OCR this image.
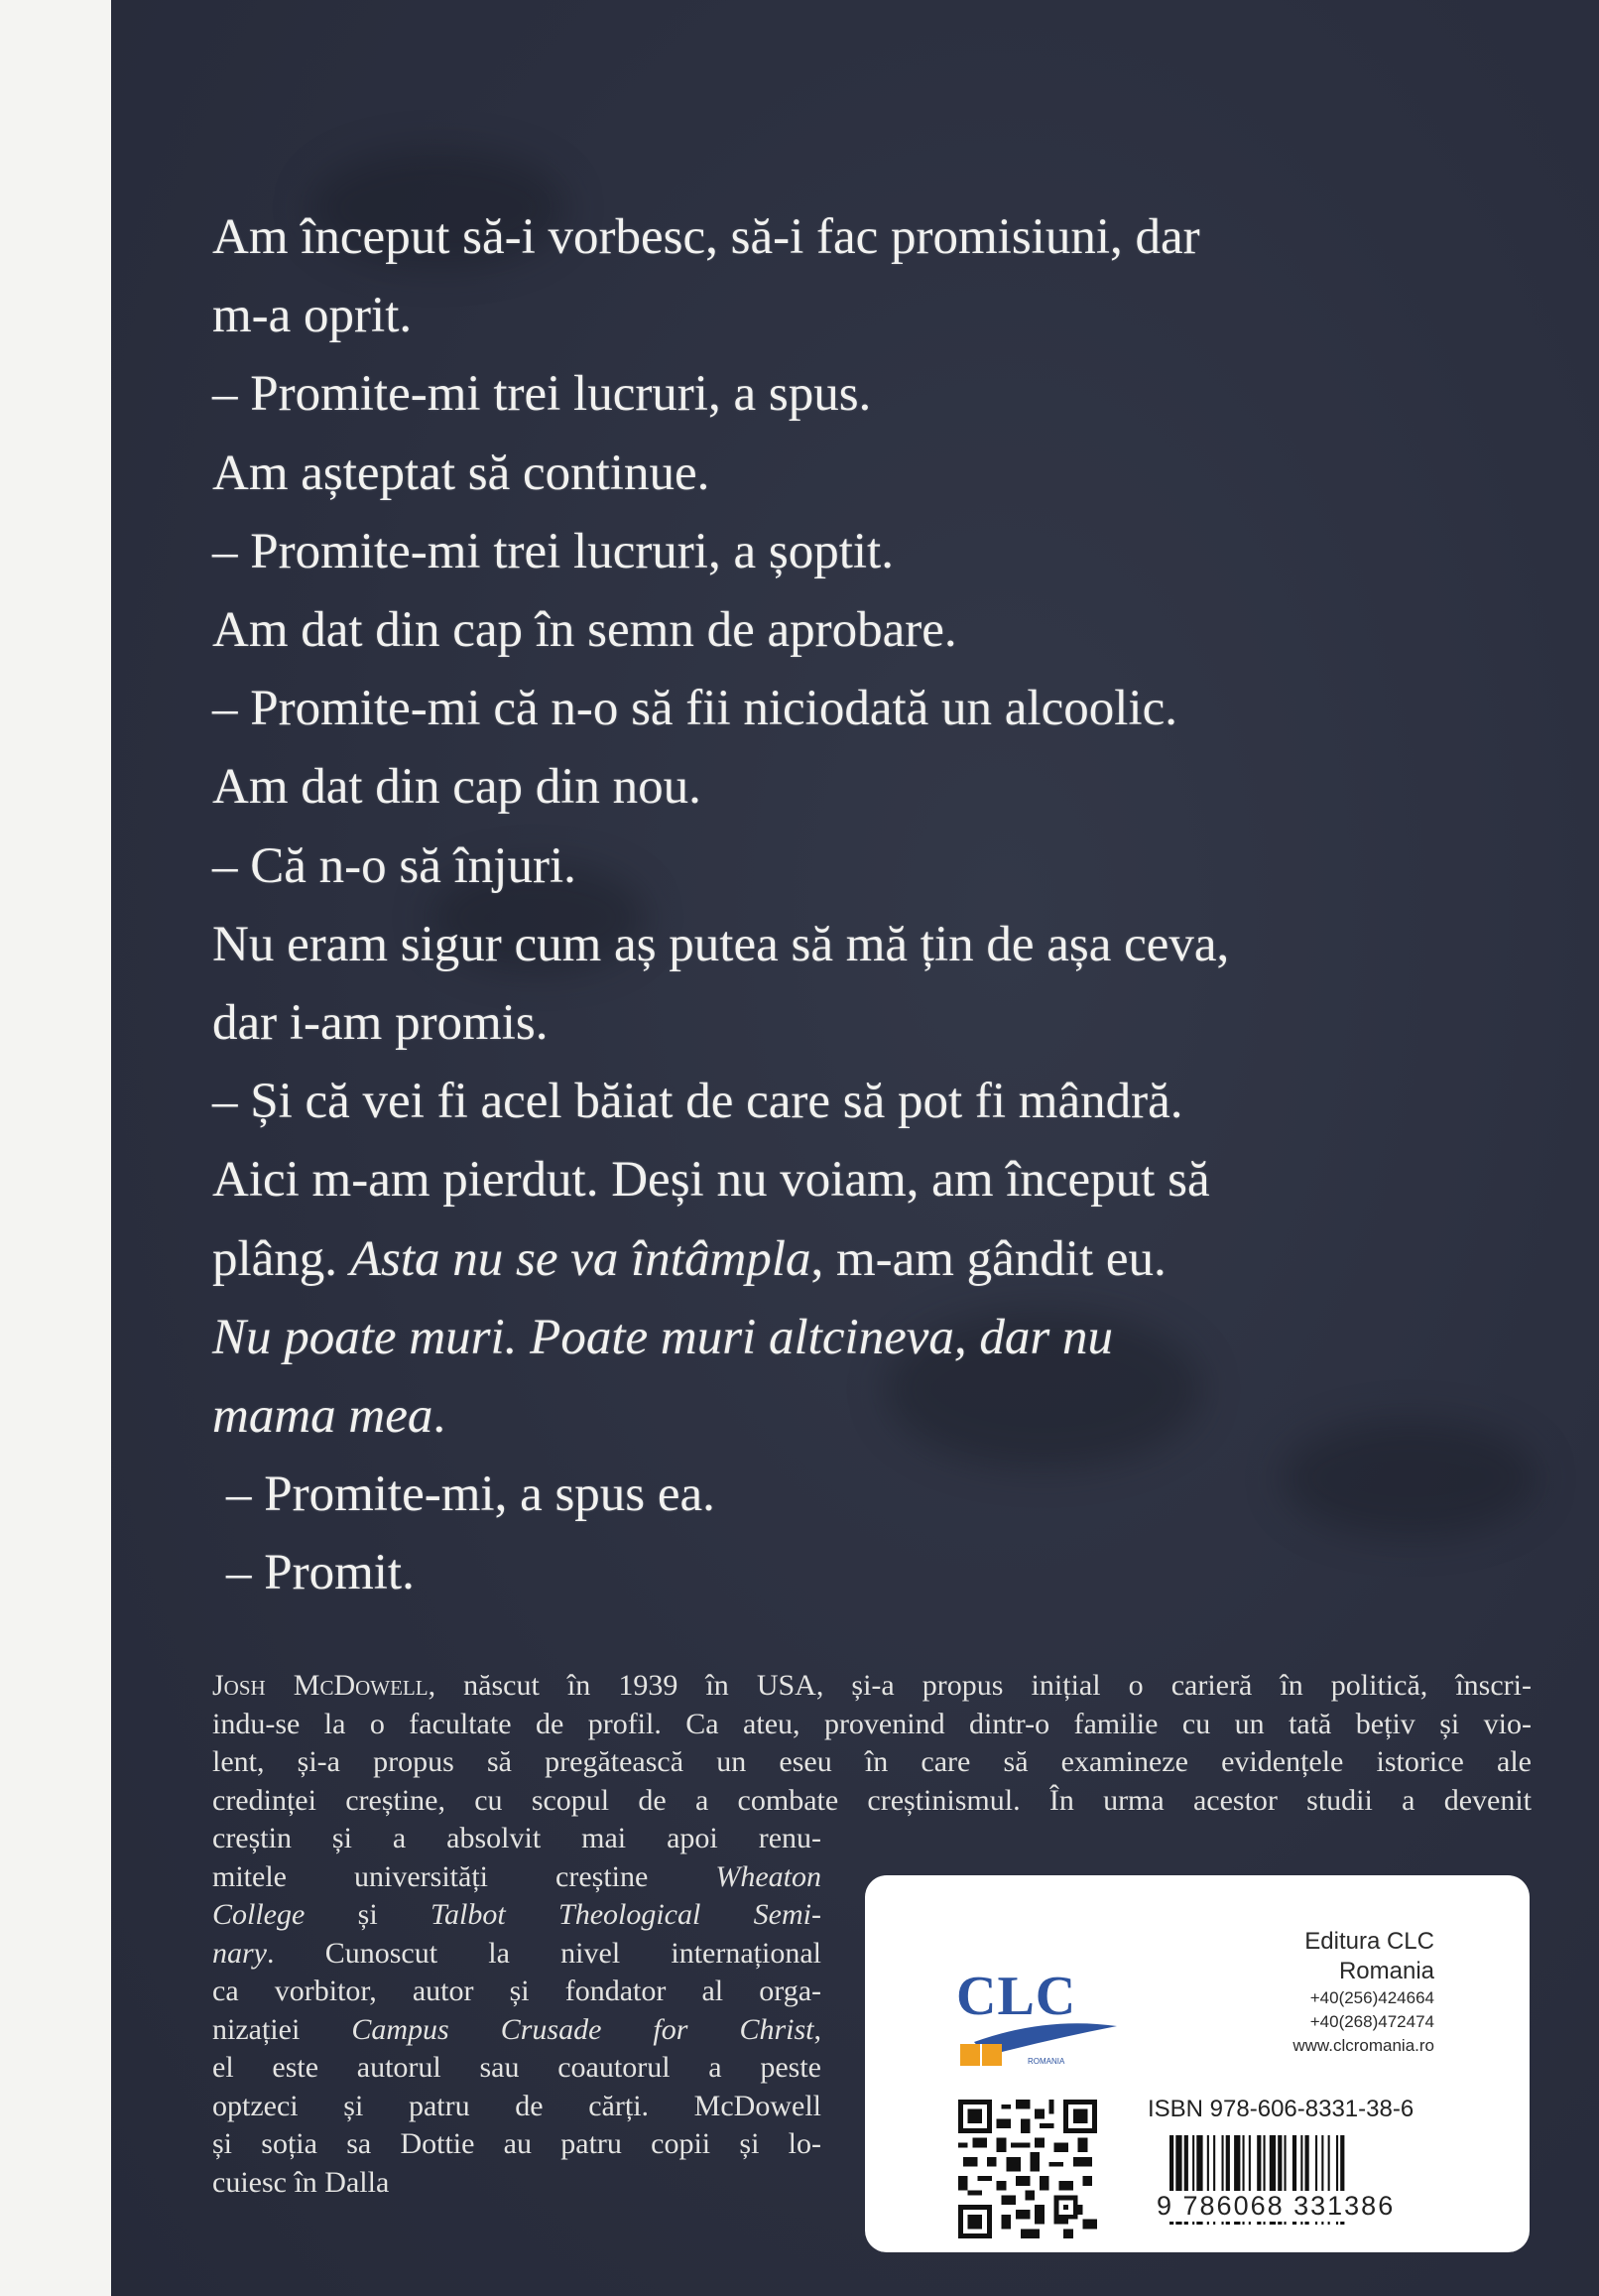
Am început să-i vorbesc, să-i fac promisiuni, dar
m-a oprit.
– Promite-mi trei lucruri, a spus.
Am așteptat să continue.
– Promite-mi trei lucruri, a șoptit.
Am dat din cap în semn de aprobare.
– Promite-mi că n-o să fii niciodată un alcoolic.
Am dat din cap din nou.
– Că n-o să înjuri.
Nu eram sigur cum aș putea să mă țin de așa ceva,
dar i-am promis.
– Și că vei fi acel băiat de care să pot fi mândră.
Aici m-am pierdut. Deși nu voiam, am început să
plâng. Asta nu se va întâmpla, m-am gândit eu.
Nu poate muri. Poate muri altcineva, dar nu
mama mea.
– Promite-mi, a spus ea.
– Promit.
Josh McDowell, născut în 1939 în USA, și-a propus inițial o carieră în politică, înscri-
indu-se la o facultate de profil. Ca ateu, provenind dintr-o familie cu un tată bețiv și vio-
lent, și-a propus să pregătească un eseu în care să examineze evidențele istorice ale
credinței creștine, cu scopul de a combate creștinismul. În urma acestor studii a devenit
creștin și a absolvit mai apoi renu-
mitele universități creștine Wheaton
College și Talbot Theological Semi-
nary. Cunoscut la nivel internațional
ca vorbitor, autor și fondator al orga-
nizației Campus Crusade for Christ,
el este autorul sau coautorul a peste
optzeci și patru de cărți. McDowell
și soția sa Dottie au patru copii și lo-
cuiesc în Dalla
CLC
ROMANIA
Editura CLC
Romania
+40(256)424664
+40(268)472474
www.clcromania.ro
ISBN 978-606-8331-38-6
9 786068 331386
